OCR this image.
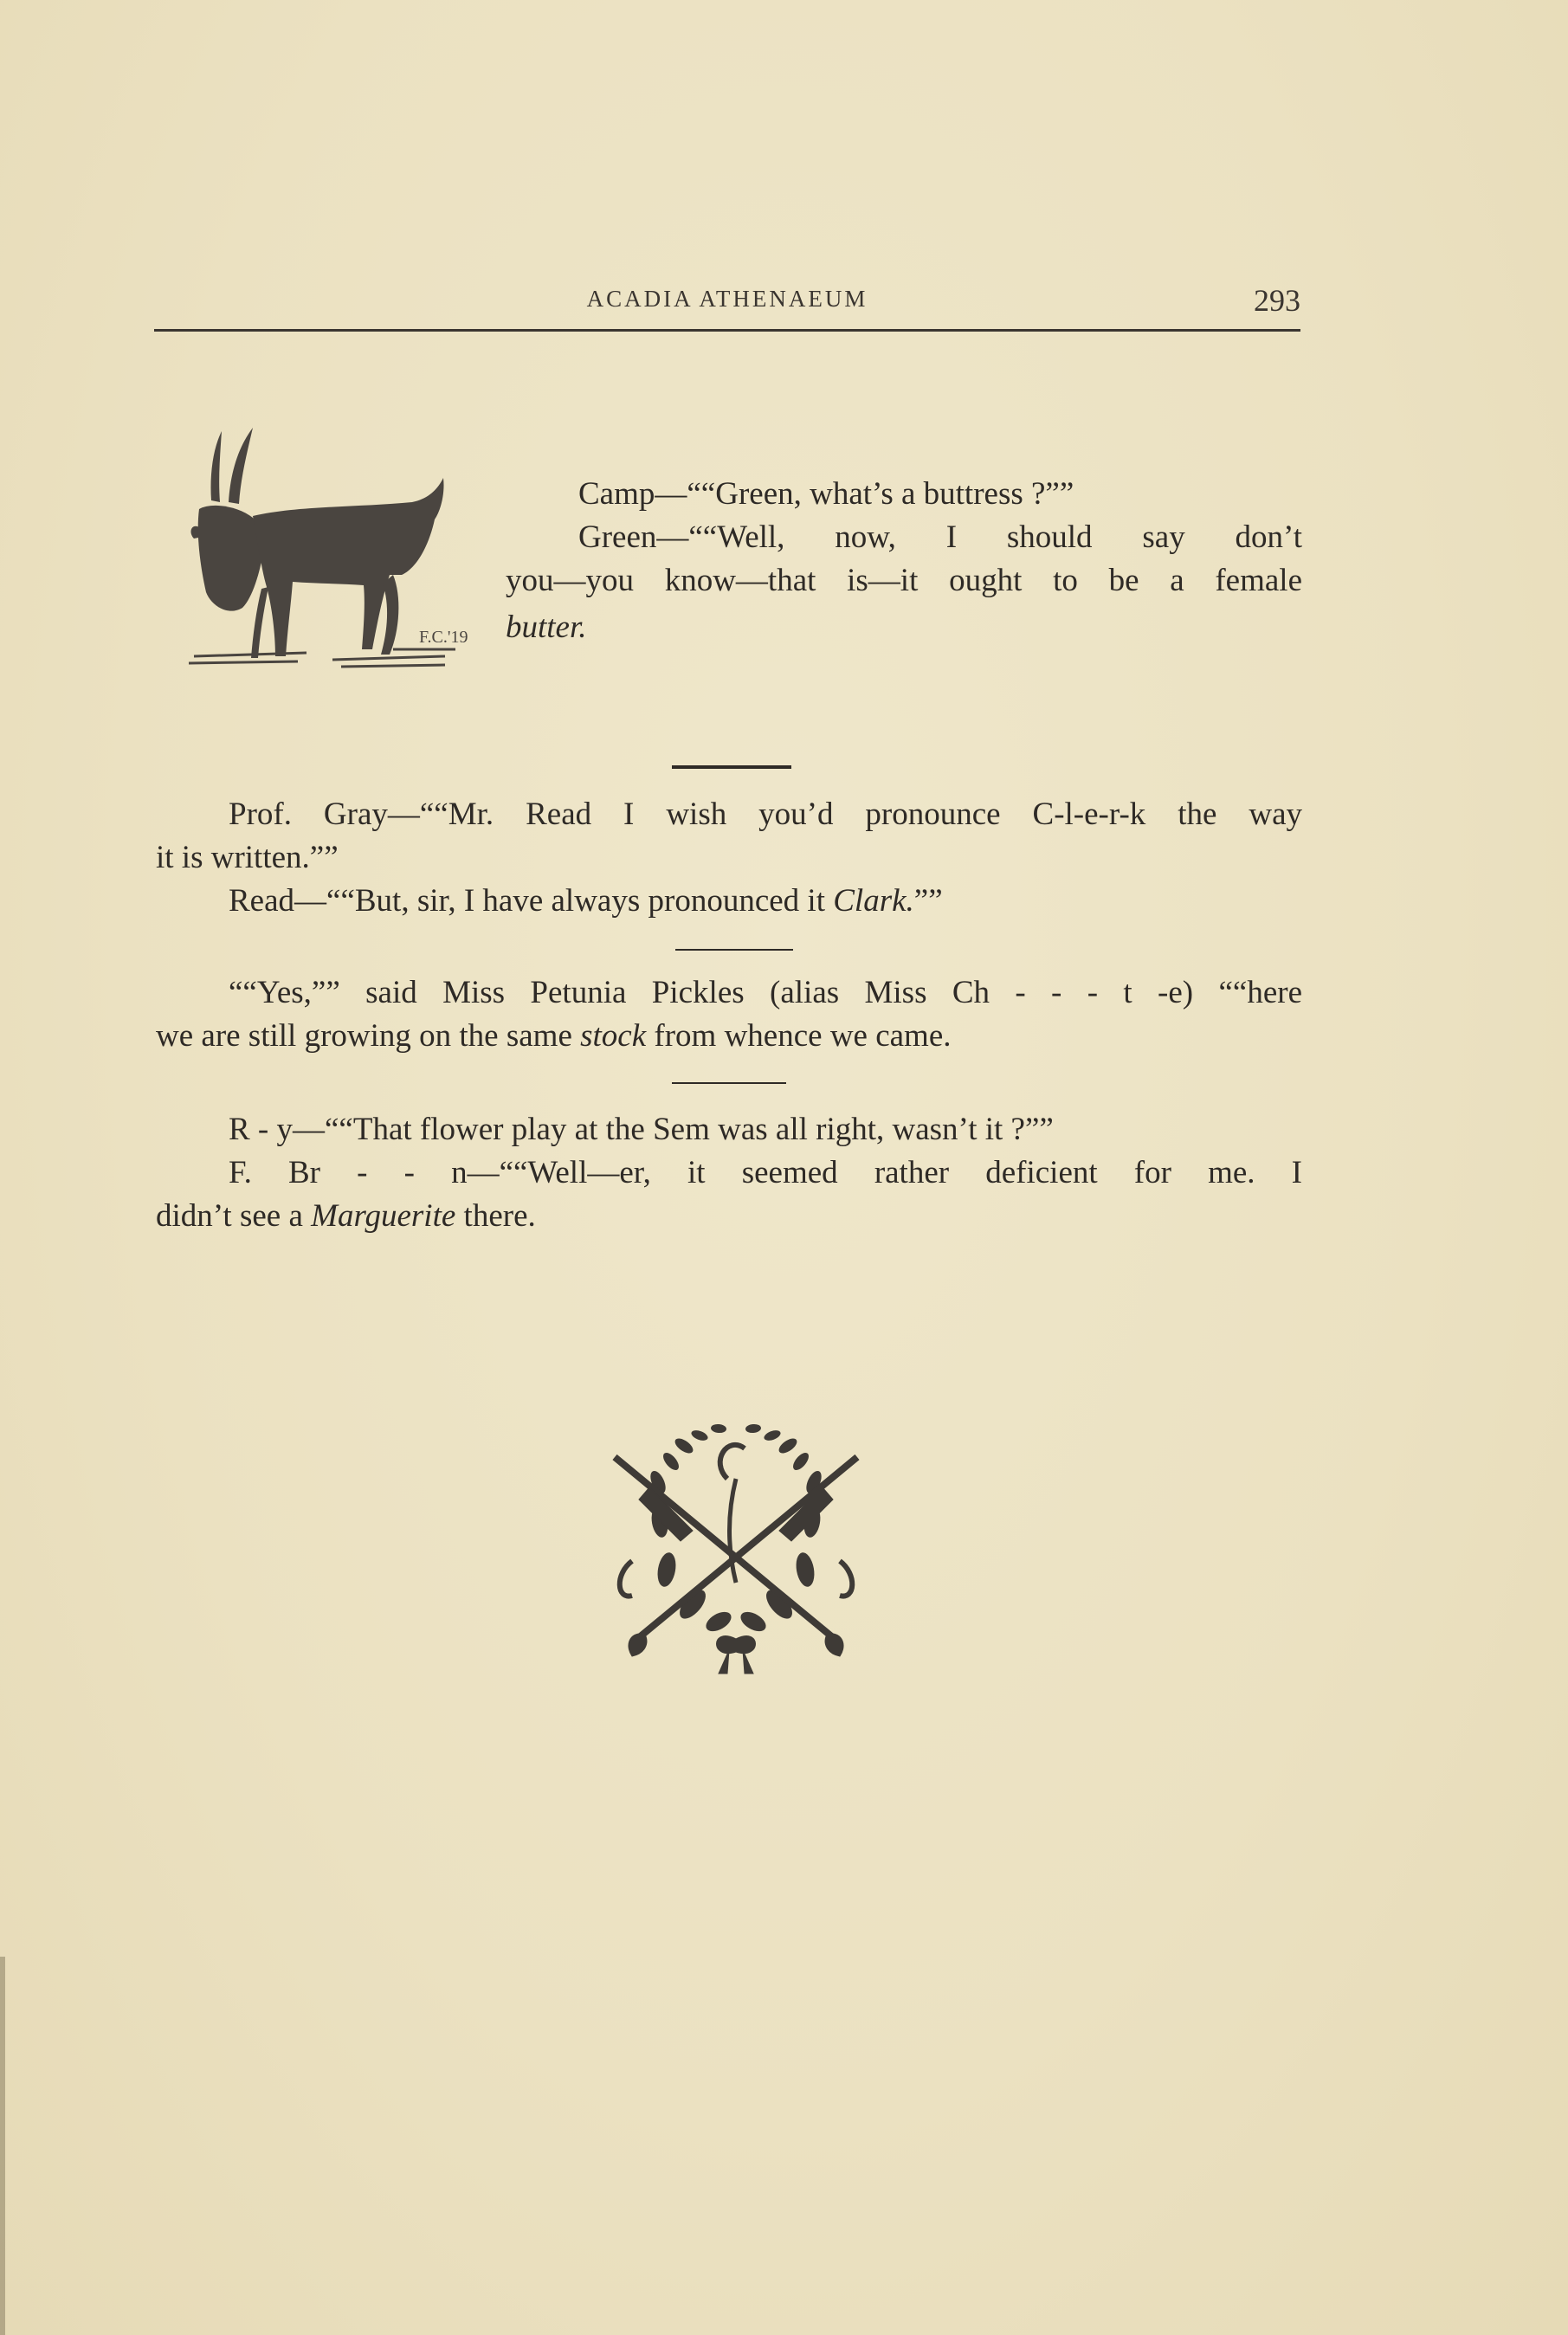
ACADIA ATHENAEUM	293
F.C.'19

Camp—““Green, what’s a buttress ?””

Green—““Well, now, I should say don’t

you—you know—that is—it ought to be a female

butter.

Prof. Gray—““Mr. Read I wish you’d pronounce C-l-e-r-k the way

it is written.””

Read—““But, sir, I have always pronounced it Clark.””

““Yes,”” said Miss Petunia Pickles (alias Miss Ch - - - t -e) ““here

we are still growing on the same stock from whence we came.

R - y—““That flower play at the Sem was all right, wasn’t it ?””

F. Br - - n—““Well—er, it seemed rather deficient for me. I

didn’t see a Marguerite there.
